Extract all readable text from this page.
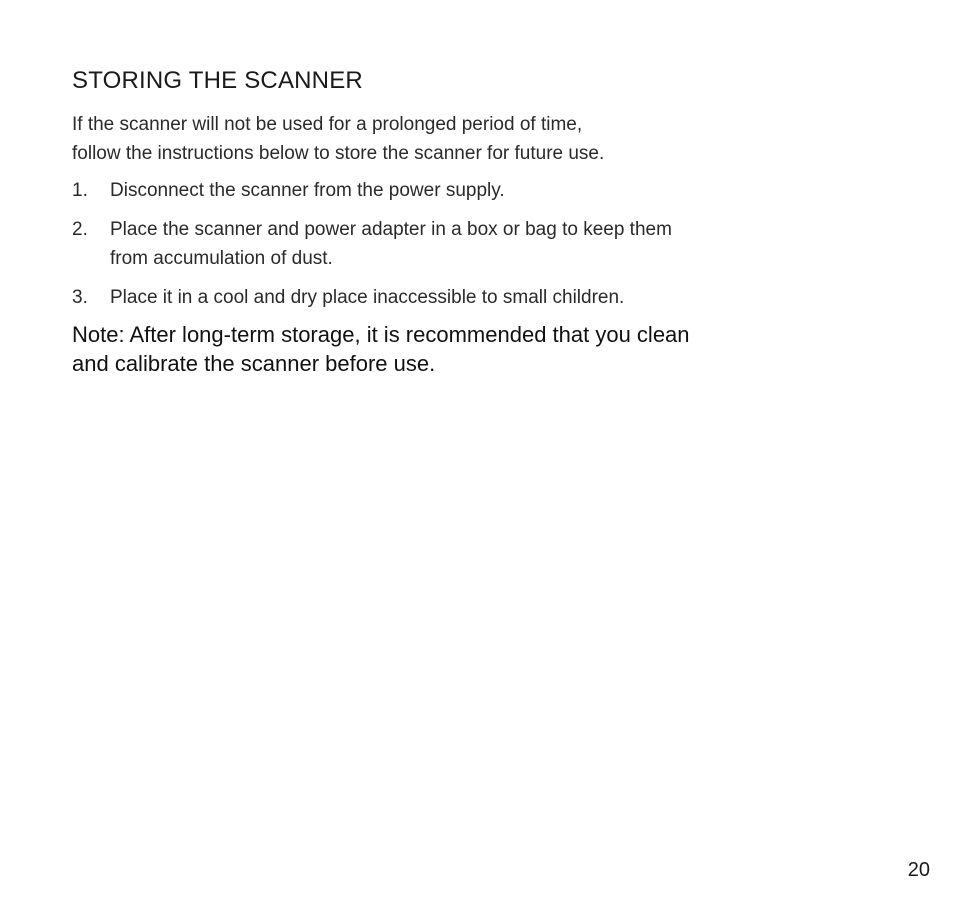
STORING THE SCANNER

If the scanner will not be used for a prolonged period of time,
follow the instructions below to store the scanner for future use.

1. Disconnect the scanner from the power supply.
2. Place the scanner and power adapter in a box or bag to keep them
from accumulation of dust.
3. Place it in a cool and dry place inaccessible to small children.

Note: After long-term storage, it is recommended that you clean
and calibrate the scanner before use.

20
